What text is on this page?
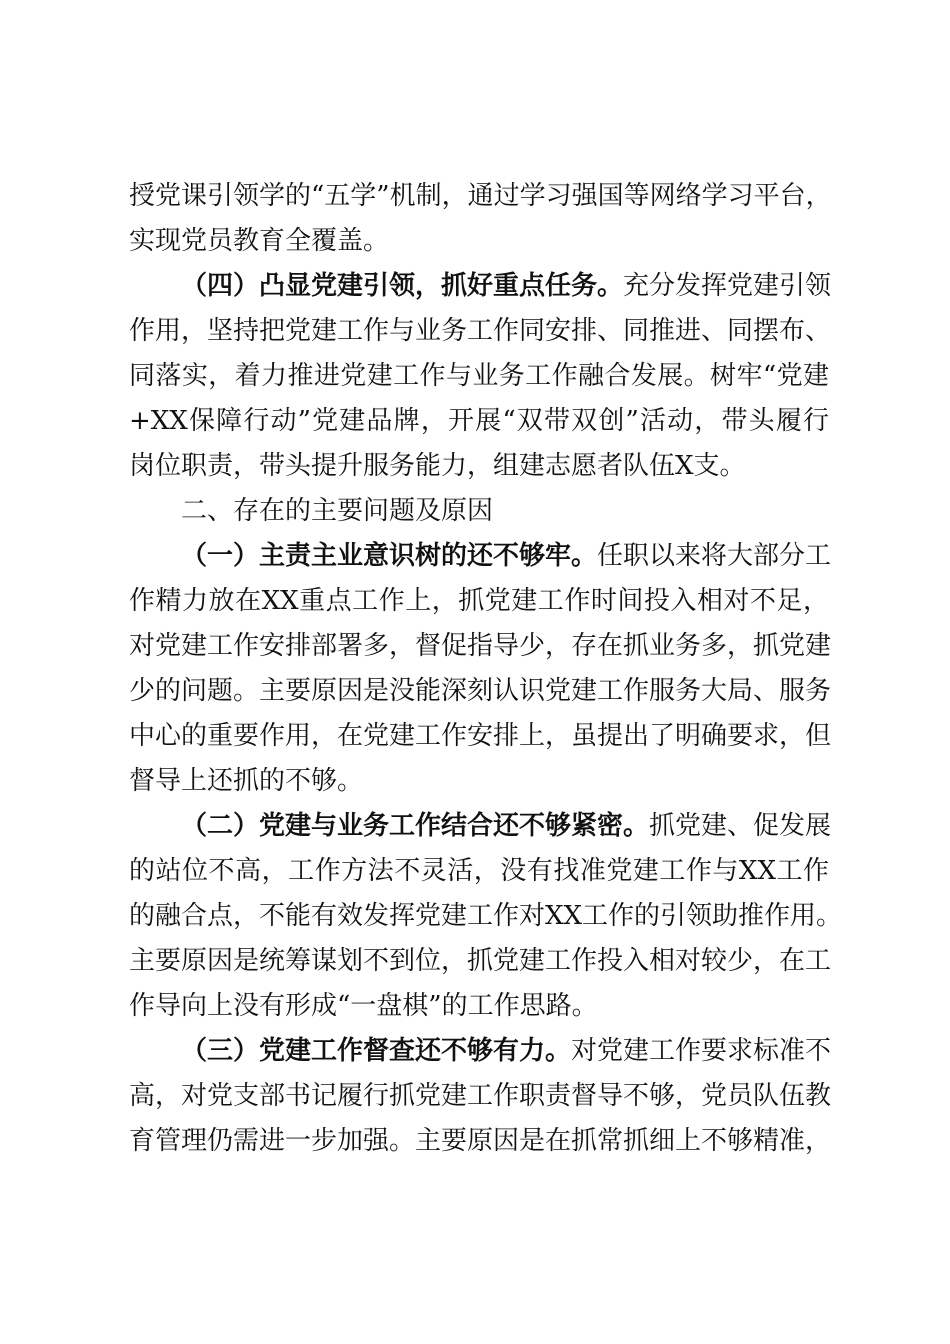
授党课引领学的“五学”机制，通过学习强国等网络学习平台，
实现党员教育全覆盖。
（四）凸显党建引领，抓好重点任务。充分发挥党建引领
作用，坚持把党建工作与业务工作同安排、同推进、同摆布、
同落实，着力推进党建工作与业务工作融合发展。树牢“党建
+XX保障行动”党建品牌，开展“双带双创”活动，带头履行
岗位职责，带头提升服务能力，组建志愿者队伍X支。
二、存在的主要问题及原因
（一）主责主业意识树的还不够牢。任职以来将大部分工
作精力放在XX重点工作上，抓党建工作时间投入相对不足，
对党建工作安排部署多，督促指导少，存在抓业务多，抓党建
少的问题。主要原因是没能深刻认识党建工作服务大局、服务
中心的重要作用，在党建工作安排上，虽提出了明确要求，但
督导上还抓的不够。
（二）党建与业务工作结合还不够紧密。抓党建、促发展
的站位不高，工作方法不灵活，没有找准党建工作与XX工作
的融合点，不能有效发挥党建工作对XX工作的引领助推作用。
主要原因是统筹谋划不到位，抓党建工作投入相对较少，在工
作导向上没有形成“一盘棋”的工作思路。
（三）党建工作督查还不够有力。对党建工作要求标准不
高，对党支部书记履行抓党建工作职责督导不够，党员队伍教
育管理仍需进一步加强。主要原因是在抓常抓细上不够精准，
